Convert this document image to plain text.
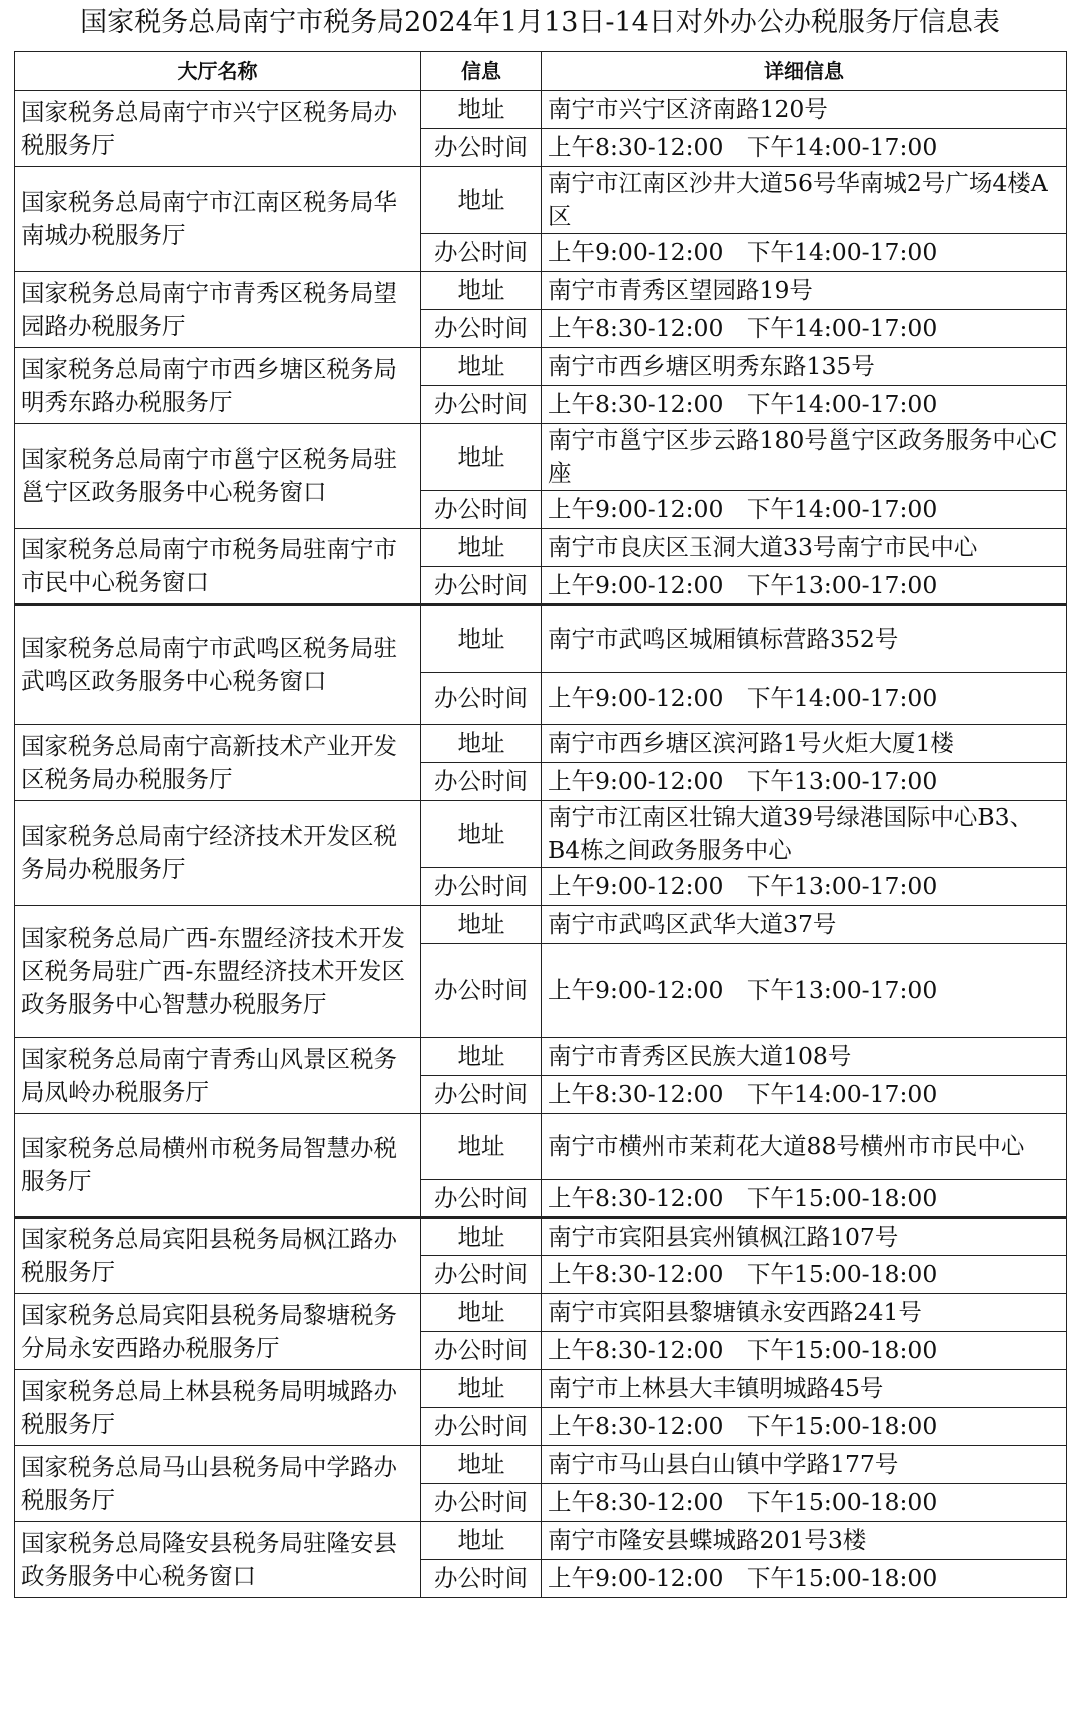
国家税务总局南宁市税务局2024年1月13日-14日对外办公办税服务厅信息表
大厅名称	信息	详细信息
国家税务总局南宁市兴宁区税务局办税服务厅	地址	南宁市兴宁区济南路120号
	办公时间	上午8:30-12:00　下午14:00-17:00
国家税务总局南宁市江南区税务局华南城办税服务厅	地址	南宁市江南区沙井大道56号华南城2号广场4楼A区
	办公时间	上午9:00-12:00　下午14:00-17:00
国家税务总局南宁市青秀区税务局望园路办税服务厅	地址	南宁市青秀区望园路19号
	办公时间	上午8:30-12:00　下午14:00-17:00
国家税务总局南宁市西乡塘区税务局明秀东路办税服务厅	地址	南宁市西乡塘区明秀东路135号
	办公时间	上午8:30-12:00　下午14:00-17:00
国家税务总局南宁市邕宁区税务局驻邕宁区政务服务中心税务窗口	地址	南宁市邕宁区步云路180号邕宁区政务服务中心C座
	办公时间	上午9:00-12:00　下午14:00-17:00
国家税务总局南宁市税务局驻南宁市市民中心税务窗口	地址	南宁市良庆区玉洞大道33号南宁市民中心
	办公时间	上午9:00-12:00　下午13:00-17:00
国家税务总局南宁市武鸣区税务局驻武鸣区政务服务中心税务窗口	地址	南宁市武鸣区城厢镇标营路352号
	办公时间	上午9:00-12:00　下午14:00-17:00
国家税务总局南宁高新技术产业开发区税务局办税服务厅	地址	南宁市西乡塘区滨河路1号火炬大厦1楼
	办公时间	上午9:00-12:00　下午13:00-17:00
国家税务总局南宁经济技术开发区税务局办税服务厅	地址	南宁市江南区壮锦大道39号绿港国际中心B3、B4栋之间政务服务中心
	办公时间	上午9:00-12:00　下午13:00-17:00
国家税务总局广西-东盟经济技术开发区税务局驻广西-东盟经济技术开发区政务服务中心智慧办税服务厅	地址	南宁市武鸣区武华大道37号
	办公时间	上午9:00-12:00　下午13:00-17:00
国家税务总局南宁青秀山风景区税务局凤岭办税服务厅	地址	南宁市青秀区民族大道108号
	办公时间	上午8:30-12:00　下午14:00-17:00
国家税务总局横州市税务局智慧办税服务厅	地址	南宁市横州市茉莉花大道88号横州市市民中心
	办公时间	上午8:30-12:00　下午15:00-18:00
国家税务总局宾阳县税务局枫江路办税服务厅	地址	南宁市宾阳县宾州镇枫江路107号
	办公时间	上午8:30-12:00　下午15:00-18:00
国家税务总局宾阳县税务局黎塘税务分局永安西路办税服务厅	地址	南宁市宾阳县黎塘镇永安西路241号
	办公时间	上午8:30-12:00　下午15:00-18:00
国家税务总局上林县税务局明城路办税服务厅	地址	南宁市上林县大丰镇明城路45号
	办公时间	上午8:30-12:00　下午15:00-18:00
国家税务总局马山县税务局中学路办税服务厅	地址	南宁市马山县白山镇中学路177号
	办公时间	上午8:30-12:00　下午15:00-18:00
国家税务总局隆安县税务局驻隆安县政务服务中心税务窗口	地址	南宁市隆安县蝶城路201号3楼
	办公时间	上午9:00-12:00　下午15:00-18:00
